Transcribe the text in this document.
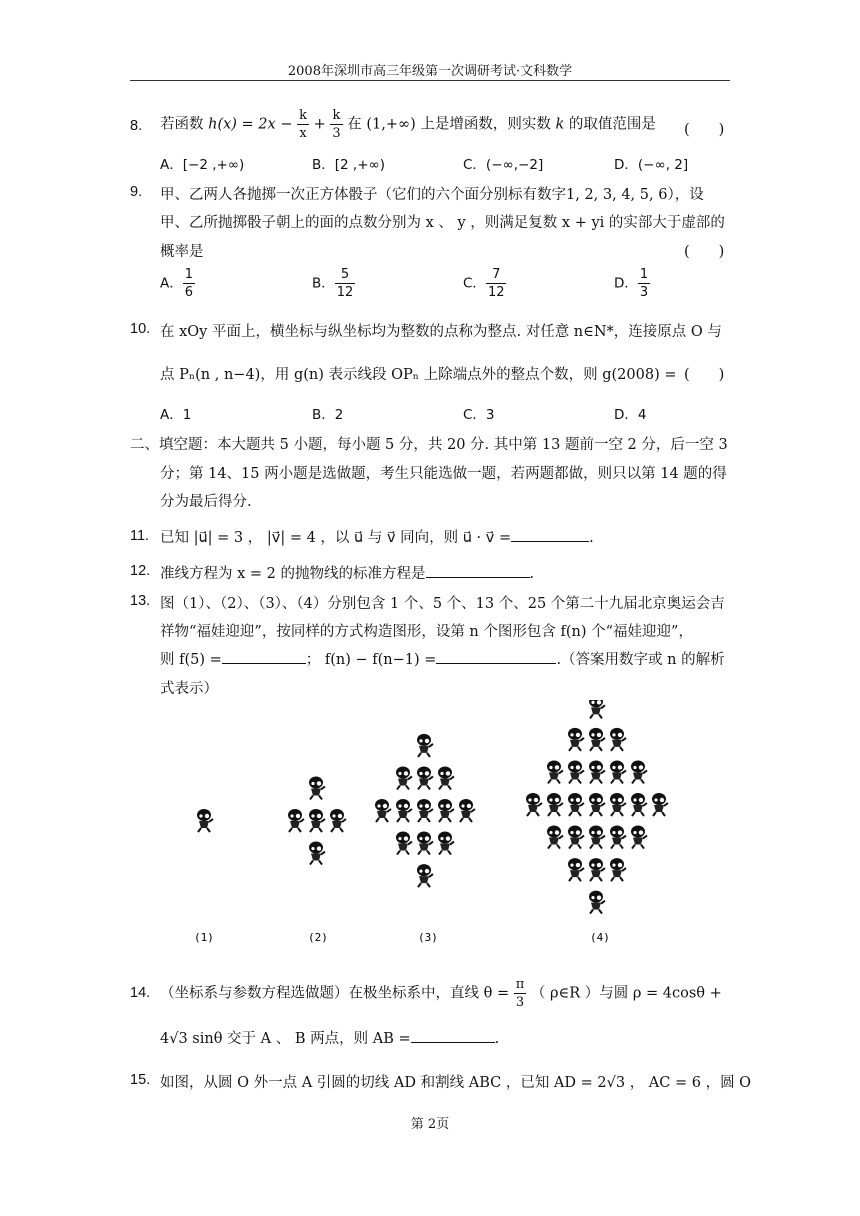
2008年深圳市高三年级第一次调研考试·文科数学
8. 若函数 $h(x) = 2x - \frac{k}{x} + \frac{k}{3}$ 在 (1,+∞) 上是增函数，则实数 k 的取值范围是 (　　)
A．[−2 ,+∞)	B．[2 ,+∞)	C．(−∞,−2]	D．(−∞, 2]
9. 甲、乙两人各抛掷一次正方体骰子（它们的六个面分别标有数字1, 2, 3, 4, 5, 6），设
甲、乙所抛掷骰子朝上的面的点数分别为 x 、 y ，则满足复数 x + yi 的实部大于虚部的
概率是	(　　)
A． $\frac{1}{6}$	B． $\frac{5}{12}$	C． $\frac{7}{12}$	D． $\frac{1}{3}$
10. 在 xOy 平面上，横坐标与纵坐标均为整数的点称为整点. 对任意 n∈N*，连接原点 O 与
点 Pₙ(n , n−4)，用 g(n) 表示线段 OPₙ 上除端点外的整点个数，则 g(2008) = (　　)
A．1	B．2	C．3	D．4
二、填空题：本大题共 5 小题，每小题 5 分，共 20 分. 其中第 13 题前一空 2 分，后一空 3
分；第 14、15 两小题是选做题，考生只能选做一题，若两题都做，则只以第 14 题的得
分为最后得分.
11. 已知 |u⃗| = 3 ， |v⃗| = 4 ，以 u⃗ 与 v⃗ 同向，则 u⃗ · v⃗ =	.
12. 准线方程为 x = 2 的抛物线的标准方程是	.
13. 图（1）、（2）、（3）、（4）分别包含 1 个、5 个、13 个、25 个第二十九届北京奥运会吉
祥物“福娃迎迎”，按同样的方式构造图形，设第 n 个图形包含 f(n) 个“福娃迎迎”，
则 f(5) =	； f(n) − f(n−1) =	.（答案用数字或 n 的解析
式表示）
(1)	(2)	(3)	(4)
14. （坐标系与参数方程选做题）在极坐标系中，直线 $\theta = \frac{\pi}{3}$ （ ρ∈R ）与圆 ρ = 4cosθ +
4√3 sinθ 交于 A 、 B 两点，则 AB =	.
15. 如图，从圆 O 外一点 A 引圆的切线 AD 和割线 ABC ，已知 AD = 2√3 ， AC = 6 ，圆 O
第 2页
